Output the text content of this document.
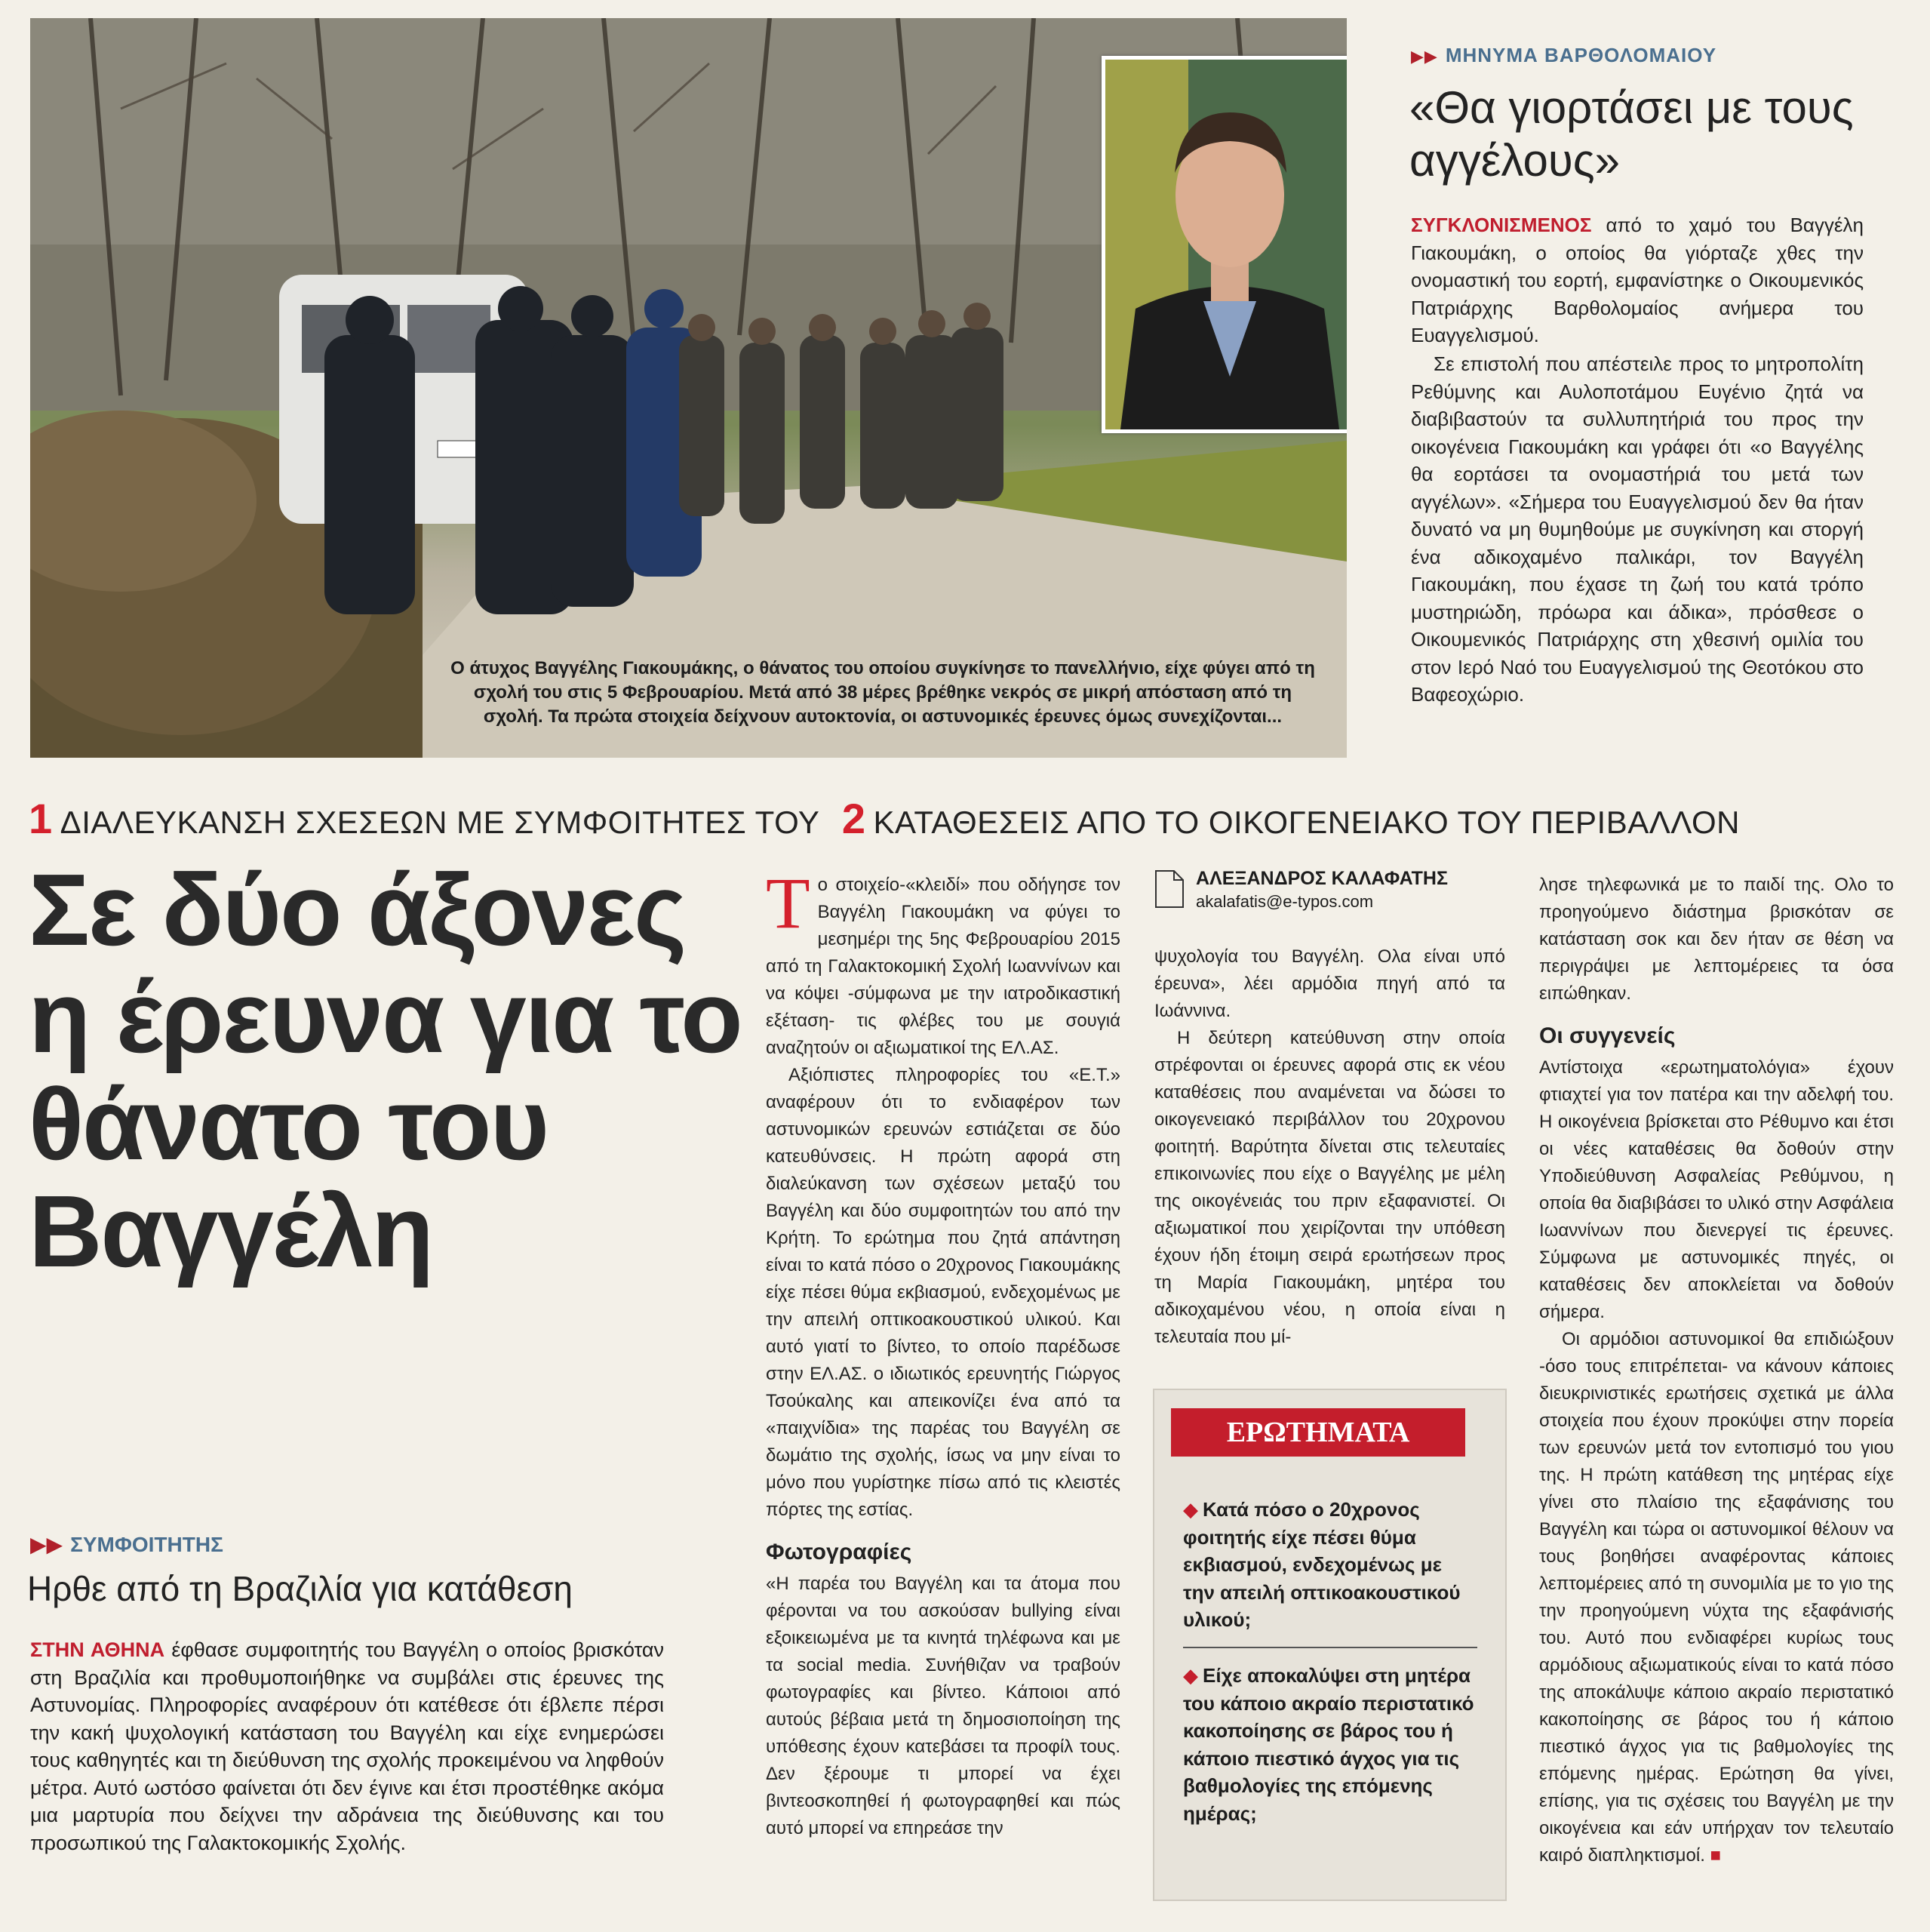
Ο άτυχος Βαγγέλης Γιακουμάκης, ο θάνατος του οποίου συγκίνησε το πανελλήνιο, είχε φύγει από τη σχολή του στις 5 Φεβρουαρίου. Μετά από 38 μέρες βρέθηκε νεκρός σε μικρή απόσταση από τη σχολή. Τα πρώτα στοιχεία δείχνουν αυτοκτονία, οι αστυνομικές έρευνες όμως συνεχίζονται...
▶▶ ΜΗΝΥΜΑ ΒΑΡΘΟΛΟΜΑΙΟΥ
«Θα γιορτάσει με τους αγγέλους»
ΣΥΓΚΛΟΝΙΣΜΕΝΟΣ από το χαμό του Βαγγέλη Γιακουμάκη, ο οποίος θα γιόρταζε χθες την ονομαστική του εορτή, εμφανίστηκε ο Οικουμενικός Πατριάρχης Βαρθολομαίος ανήμερα του Ευαγγελισμού.
Σε επιστολή που απέστειλε προς το μητροπολίτη Ρεθύμνης και Αυλοποτάμου Ευγένιο ζητά να διαβιβαστούν τα συλλυπητήριά του προς την οικογένεια Γιακουμάκη και γράφει ότι «ο Βαγγέλης θα εορτάσει τα ονομαστήριά του μετά των αγγέλων». «Σήμερα του Ευαγγελισμού δεν θα ήταν δυνατό να μη θυμηθούμε με συγκίνηση και στοργή ένα αδικοχαμένο παλικάρι, τον Βαγγέλη Γιακουμάκη, που έχασε τη ζωή του κατά τρόπο μυστηριώδη, πρόωρα και άδικα», πρόσθεσε ο Οικουμενικός Πατριάρχης στη χθεσινή ομιλία του στον Ιερό Ναό του Ευαγγελισμού της Θεοτόκου στο Βαφεοχώριο.
1 ΔΙΑΛΕΥΚΑΝΣΗ ΣΧΕΣΕΩΝ ΜΕ ΣΥΜΦΟΙΤΗΤΕΣ ΤΟΥ 2 ΚΑΤΑΘΕΣΕΙΣ ΑΠΟ ΤΟ ΟΙΚΟΓΕΝΕΙΑΚΟ ΤΟΥ ΠΕΡΙΒΑΛΛΟΝ
Σε δύο άξονες η έρευνα για το θάνατο του Βαγγέλη
▶▶ ΣΥΜΦΟΙΤΗΤΗΣ
Ηρθε από τη Βραζιλία για κατάθεση
ΣΤΗΝ ΑΘΗΝΑ έφθασε συμφοιτητής του Βαγγέλη ο οποίος βρισκόταν στη Βραζιλία και προθυμοποιήθηκε να συμβάλει στις έρευνες της Αστυνομίας. Πληροφορίες αναφέρουν ότι κατέθεσε ότι έβλεπε πέρσι την κακή ψυχολογική κατάσταση του Βαγγέλη και είχε ενημερώσει τους καθηγητές και τη διεύθυνση της σχολής προκειμένου να ληφθούν μέτρα. Αυτό ωστόσο φαίνεται ότι δεν έγινε και έτσι προστέθηκε ακόμα μια μαρτυρία που δείχνει την αδράνεια της διεύθυνσης και του προσωπικού της Γαλακτοκομικής Σχολής.

Το στοιχείο-«κλειδί» που οδήγησε τον Βαγγέλη Γιακουμάκη να φύγει το μεσημέρι της 5ης Φεβρουαρίου 2015 από τη Γαλακτοκομική Σχολή Ιωαννίνων και να κόψει -σύμφωνα με την ιατροδικαστική εξέταση- τις φλέβες του με σουγιά αναζητούν οι αξιωματικοί της ΕΛ.ΑΣ.

Αξιόπιστες πληροφορίες του «Ε.Τ.» αναφέρουν ότι το ενδιαφέρον των αστυνομικών ερευνών εστιάζεται σε δύο κατευθύνσεις. Η πρώτη αφορά στη διαλεύκανση των σχέσεων μεταξύ του Βαγγέλη και δύο συμφοιτητών του από την Κρήτη. Το ερώτημα που ζητά απάντηση είναι το κατά πόσο ο 20χρονος Γιακουμάκης είχε πέσει θύμα εκβιασμού, ενδεχομένως με την απειλή οπτικοακουστικού υλικού. Και αυτό γιατί το βίντεο, το οποίο παρέδωσε στην ΕΛ.ΑΣ. ο ιδιωτικός ερευνητής Γιώργος Τσούκαλης και απεικονίζει ένα από τα «παιχνίδια» της παρέας του Βαγγέλη σε δωμάτιο της σχολής, ίσως να μην είναι το μόνο που γυρίστηκε πίσω από τις κλειστές πόρτες της εστίας.

Φωτογραφίες

«Η παρέα του Βαγγέλη και τα άτομα που φέρονται να του ασκούσαν bullying είναι εξοικειωμένα με τα κινητά τηλέφωνα και με τα social media. Συνήθιζαν να τραβούν φωτογραφίες και βίντεο. Κάποιοι από αυτούς βέβαια μετά τη δημοσιοποίηση της υπόθεσης έχουν κατεβάσει τα προφίλ τους. Δεν ξέρουμε τι μπορεί να έχει βιντεοσκοπηθεί ή φωτογραφηθεί και πώς αυτό μπορεί να επηρεάσε την

ΑΛΕΞΑΝΔΡΟΣ ΚΑΛΑΦΑΤΗΣ
akalafatis@e-typos.com

ψυχολογία του Βαγγέλη. Ολα είναι υπό έρευνα», λέει αρμόδια πηγή από τα Ιωάννινα.

Η δεύτερη κατεύθυνση στην οποία στρέφονται οι έρευνες αφορά στις εκ νέου καταθέσεις που αναμένεται να δώσει το οικογενειακό περιβάλλον του 20χρονου φοιτητή. Βαρύτητα δίνεται στις τελευταίες επικοινωνίες που είχε ο Βαγγέλης με μέλη της οικογένειάς του πριν εξαφανιστεί. Οι αξιωματικοί που χειρίζονται την υπόθεση έχουν ήδη έτοιμη σειρά ερωτήσεων προς τη Μαρία Γιακουμάκη, μητέρα του αδικοχαμένου νέου, η οποία είναι η τελευταία που μί-

ΕΡΩΤΗΜΑΤΑ
◆ Κατά πόσο ο 20χρονος φοιτητής είχε πέσει θύμα εκβιασμού, ενδεχομένως με την απειλή οπτικοακουστικού υλικού;
◆ Είχε αποκαλύψει στη μητέρα του κάποιο ακραίο περιστατικό κακοποίησης σε βάρος του ή κάποιο πιεστικό άγχος για τις βαθμολογίες της επόμενης ημέρας;

λησε τηλεφωνικά με το παιδί της. Ολο το προηγούμενο διάστημα βρισκόταν σε κατάσταση σοκ και δεν ήταν σε θέση να περιγράψει με λεπτομέρειες τα όσα ειπώθηκαν.

Οι συγγενείς

Αντίστοιχα «ερωτηματολόγια» έχουν φτιαχτεί για τον πατέρα και την αδελφή του. Η οικογένεια βρίσκεται στο Ρέθυμνο και έτσι οι νέες καταθέσεις θα δοθούν στην Υποδιεύθυνση Ασφαλείας Ρεθύμνου, η οποία θα διαβιβάσει το υλικό στην Ασφάλεια Ιωαννίνων που διενεργεί τις έρευνες. Σύμφωνα με αστυνομικές πηγές, οι καταθέσεις δεν αποκλείεται να δοθούν σήμερα.

Οι αρμόδιοι αστυνομικοί θα επιδιώξουν -όσο τους επιτρέπεται- να κάνουν κάποιες διευκρινιστικές ερωτήσεις σχετικά με άλλα στοιχεία που έχουν προκύψει στην πορεία των ερευνών μετά τον εντοπισμό του γιου της. Η πρώτη κατάθεση της μητέρας είχε γίνει στο πλαίσιο της εξαφάνισης του Βαγγέλη και τώρα οι αστυνομικοί θέλουν να τους βοηθήσει αναφέροντας κάποιες λεπτομέρειες από τη συνομιλία με το γιο της την προηγούμενη νύχτα της εξαφάνισής του. Αυτό που ενδιαφέρει κυρίως τους αρμόδιους αξιωματικούς είναι το κατά πόσο της αποκάλυψε κάποιο ακραίο περιστατικό κακοποίησης σε βάρος του ή κάποιο πιεστικό άγχος για τις βαθμολογίες της επόμενης ημέρας. Ερώτηση θα γίνει, επίσης, για τις σχέσεις του Βαγγέλη με την οικογένεια και εάν υπήρχαν τον τελευταίο καιρό διαπληκτισμοί. ■
